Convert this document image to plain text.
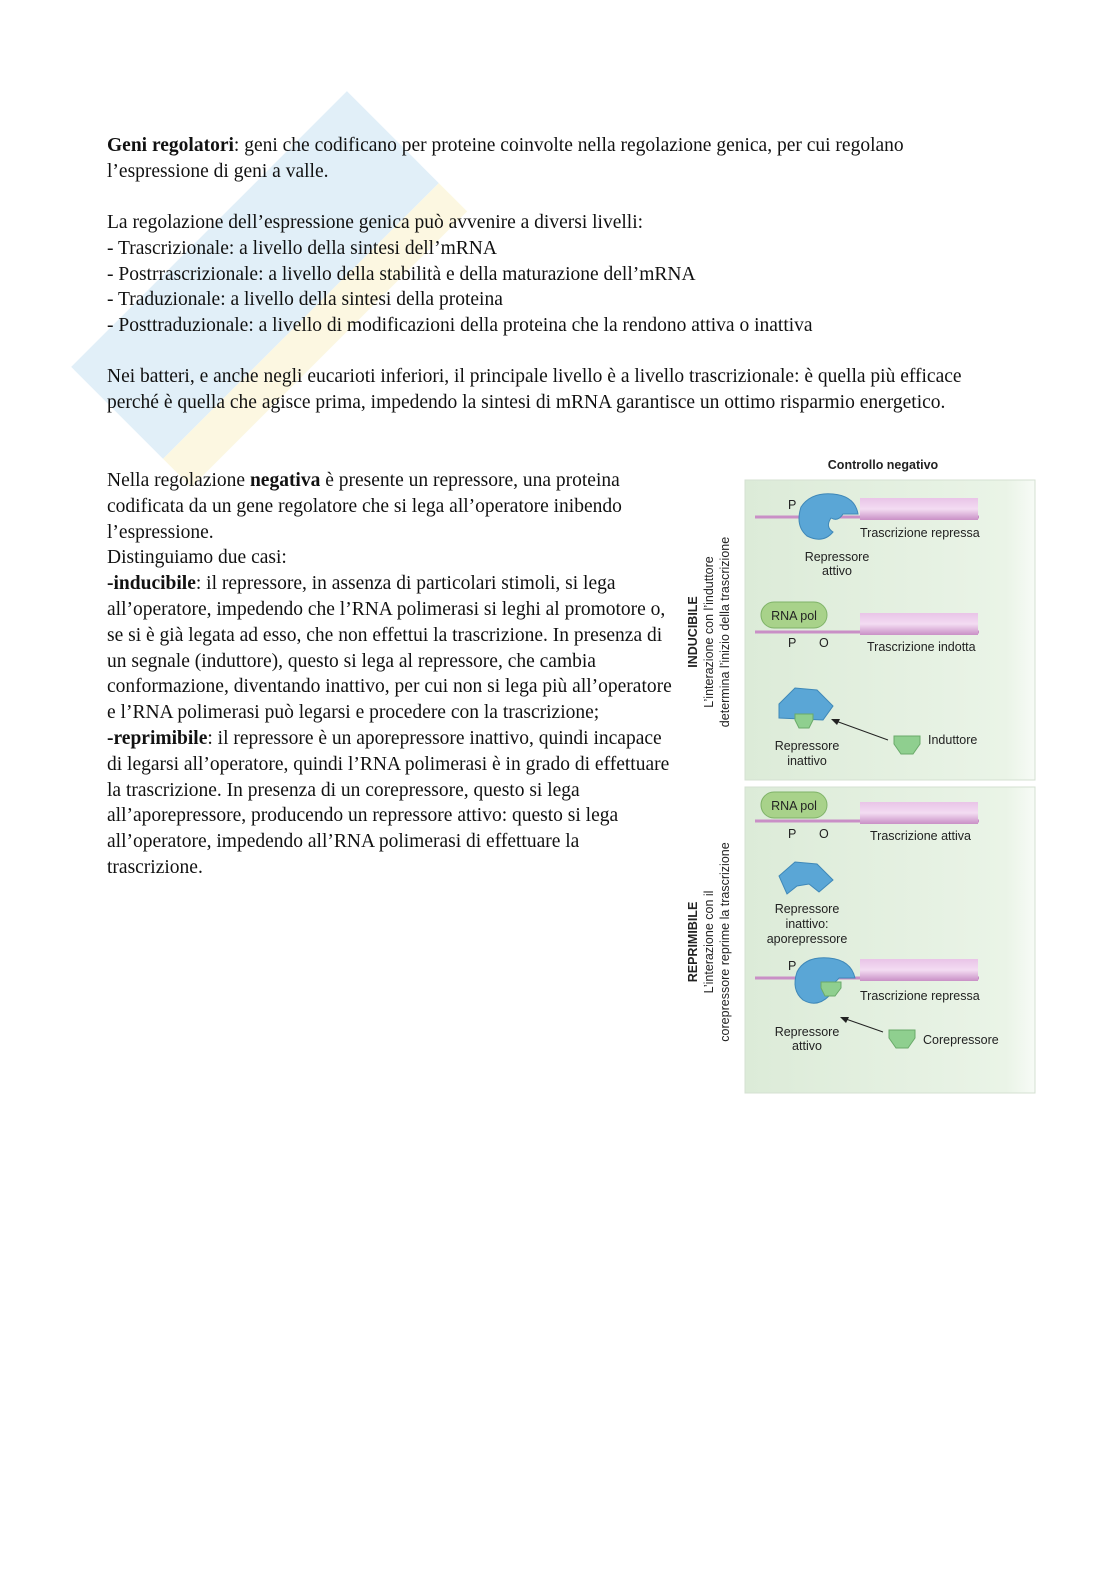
Geni regolatori: geni che codificano per proteine coinvolte nella regolazione genica, per cui regolano l’espressione di geni a valle.

La regolazione dell’espressione genica può avvenire a diversi livelli:

- Trascrizionale: a livello della sintesi dell’mRNA

- Postrrascrizionale: a livello della stabilità e della maturazione dell’mRNA

- Traduzionale: a livello della sintesi della proteina

- Posttraduzionale: a livello di modificazioni della proteina che la rendono attiva o inattiva

Nei batteri, e anche negli eucarioti inferiori, il principale livello è a livello trascrizionale: è quella più efficace perché è quella che agisce prima, impedendo la sintesi di mRNA garantisce un ottimo risparmio energetico.

Nella regolazione negativa è presente un repressore, una proteina codificata da un gene regolatore che si lega all’operatore inibendo l’espressione.

Distinguiamo due casi:

-inducibile: il repressore, in assenza di particolari stimoli, si lega all’operatore, impedendo che l’RNA polimerasi si leghi al promotore o, se si è già legata ad esso, che non effettui la trascrizione. In presenza di un segnale (induttore), questo si lega al repressore, che cambia conformazione, diventando inattivo, per cui non si lega più all’operatore e l’RNA polimerasi può legarsi e procedere con la trascrizione;

-reprimibile: il repressore è un aporepressore inattivo, quindi incapace di legarsi all’operatore, quindi l’RNA polimerasi è in grado di effettuare la trascrizione. In presenza di un corepressore, questo si lega all’aporepressore, producendo un repressore attivo: questo si lega all’operatore, impedendo all’RNA polimerasi di effettuare la trascrizione.

Controllo negativo
INDUCIBILE L’interazione con l’induttore determina l’inizio della trascrizione
REPRIMIBILE L’interazione con il corepressore reprime la trascrizione
P
Trascrizione repressa
Repressore
attivo
RNA pol
P O	Trascrizione indotta
Induttore
Repressore
inattivo
RNA pol
P O	Trascrizione attiva
Repressore
inattivo:
aporepressore
P
Trascrizione repressa
Corepressore
Repressore
attivo
